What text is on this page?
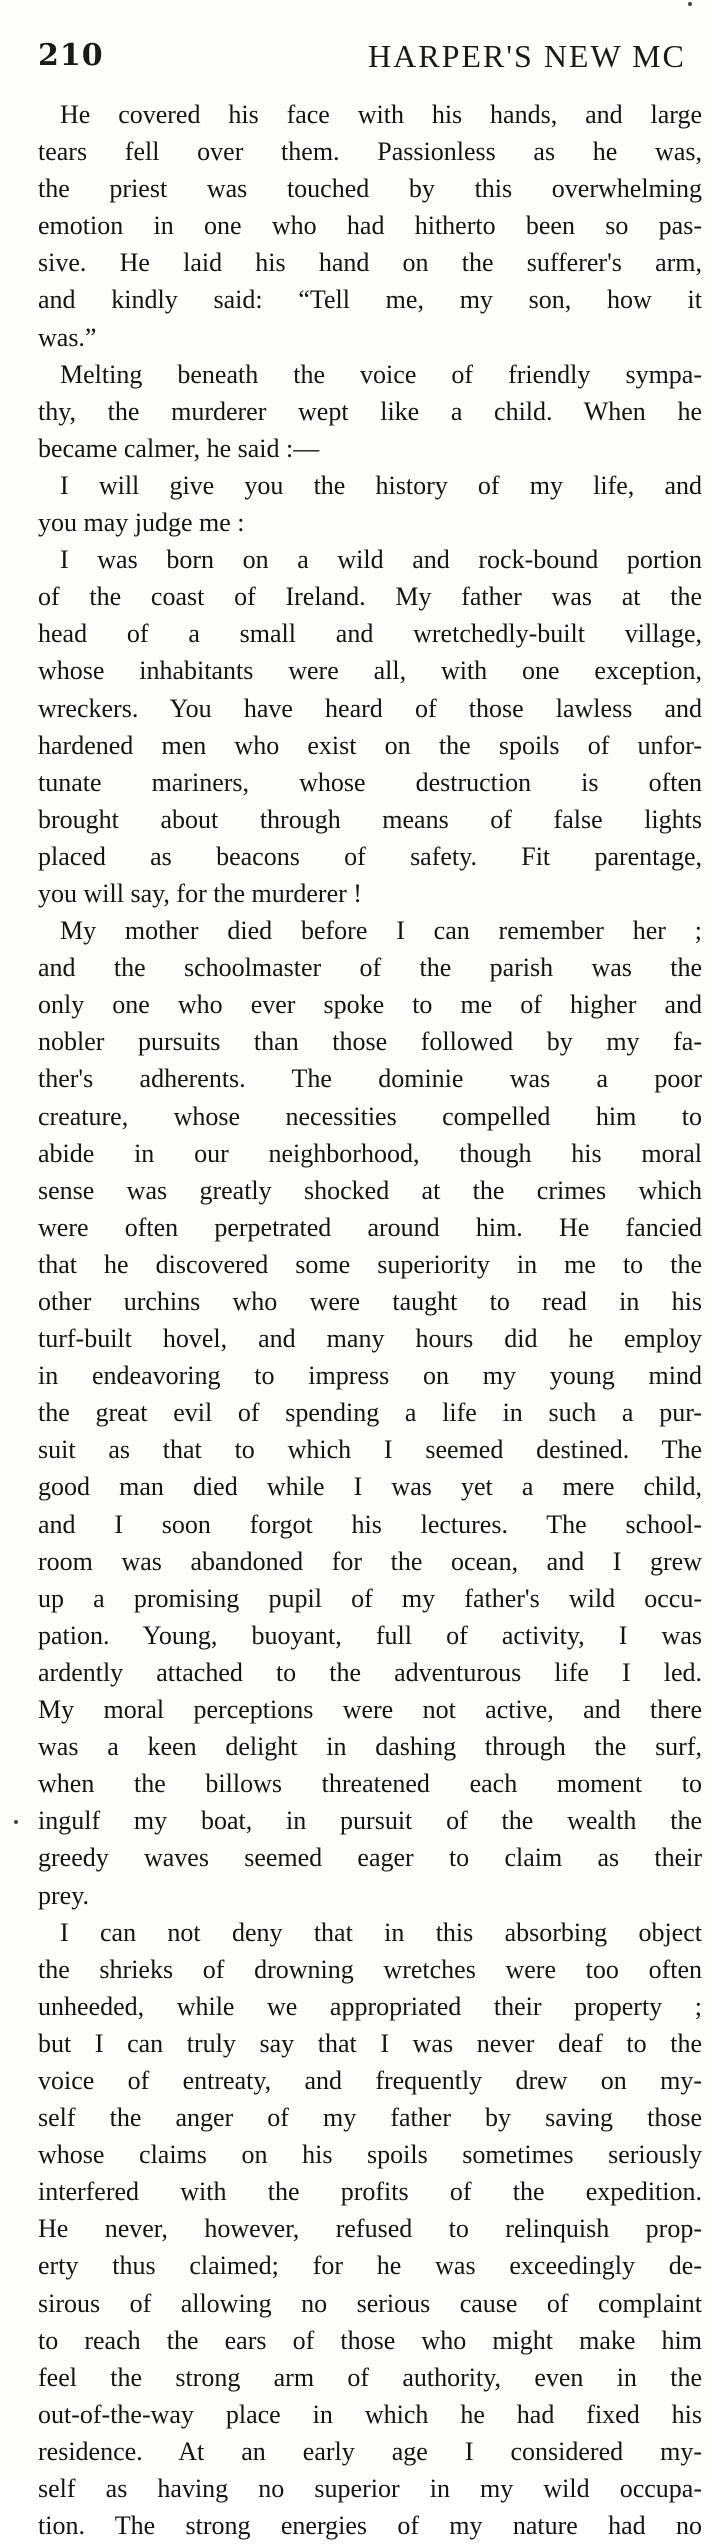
210	HARPER'S NEW MC
He covered his face with his hands, and large
tears fell over them. Passionless as he was,
the priest was touched by this overwhelming
emotion in one who had hitherto been so pas-
sive. He laid his hand on the sufferer's arm,
and kindly said: “Tell me, my son, how it
was.”
Melting beneath the voice of friendly sympa-
thy, the murderer wept like a child. When he
became calmer, he said :—
I will give you the history of my life, and
you may judge me :
I was born on a wild and rock-bound portion
of the coast of Ireland. My father was at the
head of a small and wretchedly-built village,
whose inhabitants were all, with one exception,
wreckers. You have heard of those lawless and
hardened men who exist on the spoils of unfor-
tunate mariners, whose destruction is often
brought about through means of false lights
placed as beacons of safety. Fit parentage,
you will say, for the murderer !
My mother died before I can remember her ;
and the schoolmaster of the parish was the
only one who ever spoke to me of higher and
nobler pursuits than those followed by my fa-
ther's adherents. The dominie was a poor
creature, whose necessities compelled him to
abide in our neighborhood, though his moral
sense was greatly shocked at the crimes which
were often perpetrated around him. He fancied
that he discovered some superiority in me to the
other urchins who were taught to read in his
turf-built hovel, and many hours did he employ
in endeavoring to impress on my young mind
the great evil of spending a life in such a pur-
suit as that to which I seemed destined. The
good man died while I was yet a mere child,
and I soon forgot his lectures. The school-
room was abandoned for the ocean, and I grew
up a promising pupil of my father's wild occu-
pation. Young, buoyant, full of activity, I was
ardently attached to the adventurous life I led.
My moral perceptions were not active, and there
was a keen delight in dashing through the surf,
when the billows threatened each moment to
ingulf my boat, in pursuit of the wealth the
greedy waves seemed eager to claim as their
prey.
I can not deny that in this absorbing object
the shrieks of drowning wretches were too often
unheeded, while we appropriated their property ;
but I can truly say that I was never deaf to the
voice of entreaty, and frequently drew on my-
self the anger of my father by saving those
whose claims on his spoils sometimes seriously
interfered with the profits of the expedition.
He never, however, refused to relinquish prop-
erty thus claimed; for he was exceedingly de-
sirous of allowing no serious cause of complaint
to reach the ears of those who might make him
feel the strong arm of authority, even in the
out-of-the-way place in which he had fixed his
residence. At an early age I considered my-
self as having no superior in my wild occupa-
tion. The strong energies of my nature had no
